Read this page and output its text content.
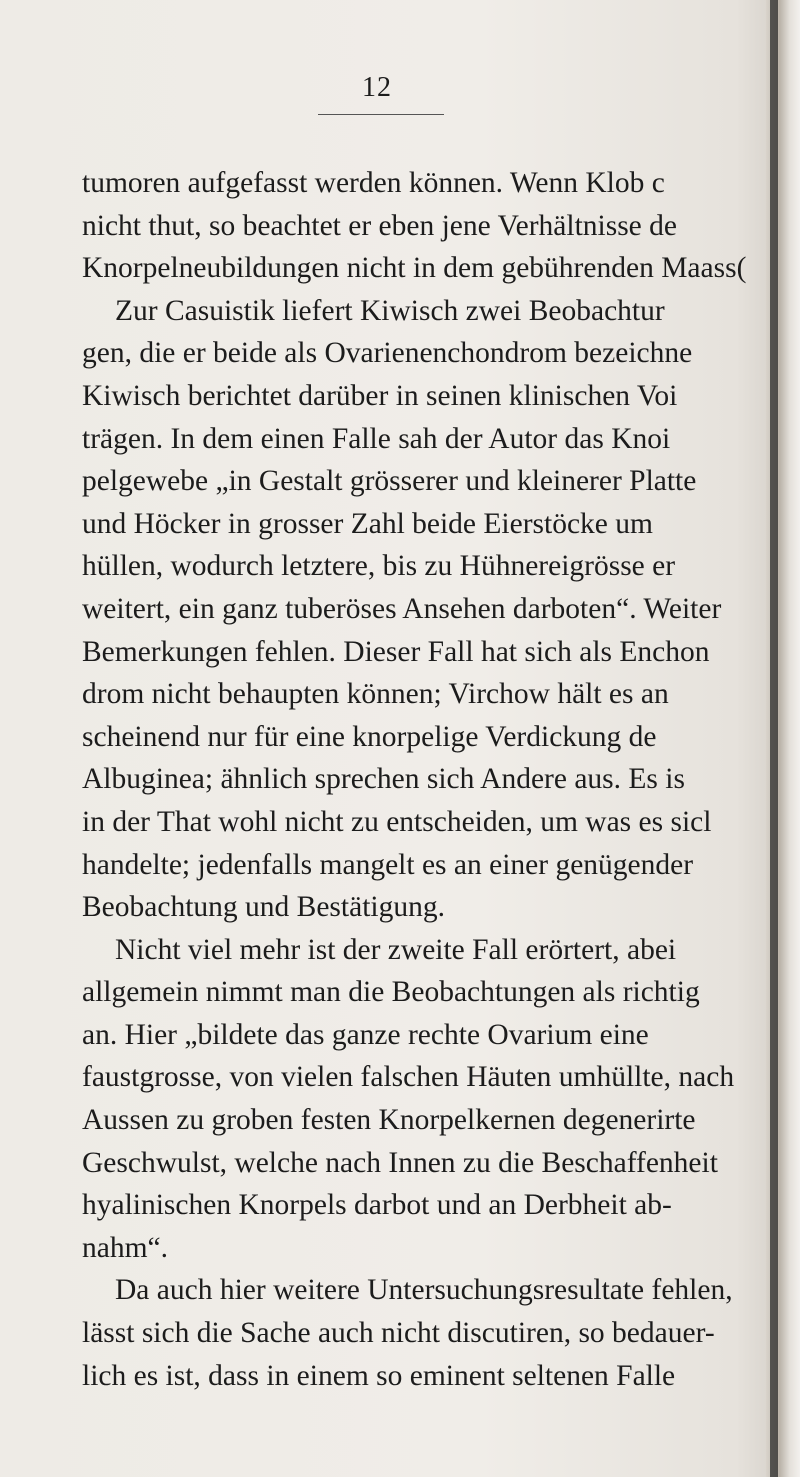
12
tumoren aufgefasst werden können. Wenn Klob c
nicht thut, so beachtet er eben jene Verhältnisse de
Knorpelneubildungen nicht in dem gebührenden Maass(
Zur Casuistik liefert Kiwisch zwei Beobachtur
gen, die er beide als Ovarienenchondrom bezeichne
Kiwisch berichtet darüber in seinen klinischen Voi
trägen. In dem einen Falle sah der Autor das Knoi
pelgewebe „in Gestalt grösserer und kleinerer Platte
und Höcker in grosser Zahl beide Eierstöcke um
hüllen, wodurch letztere, bis zu Hühnereigrösse er
weitert, ein ganz tuberöses Ansehen darboten“. Weiter
Bemerkungen fehlen. Dieser Fall hat sich als Enchon
drom nicht behaupten können; Virchow hält es an
scheinend nur für eine knorpelige Verdickung de
Albuginea; ähnlich sprechen sich Andere aus. Es is
in der That wohl nicht zu entscheiden, um was es sicl
handelte; jedenfalls mangelt es an einer genügender
Beobachtung und Bestätigung.
Nicht viel mehr ist der zweite Fall erörtert, abei
allgemein nimmt man die Beobachtungen als richtig
an. Hier „bildete das ganze rechte Ovarium eine
faustgrosse, von vielen falschen Häuten umhüllte, nach
Aussen zu groben festen Knorpelkernen degenerirte
Geschwulst, welche nach Innen zu die Beschaffenheit
hyalinischen Knorpels darbot und an Derbheit ab-
nahm“.
Da auch hier weitere Untersuchungsresultate fehlen,
lässt sich die Sache auch nicht discutiren, so bedauer-
lich es ist, dass in einem so eminent seltenen Falle
